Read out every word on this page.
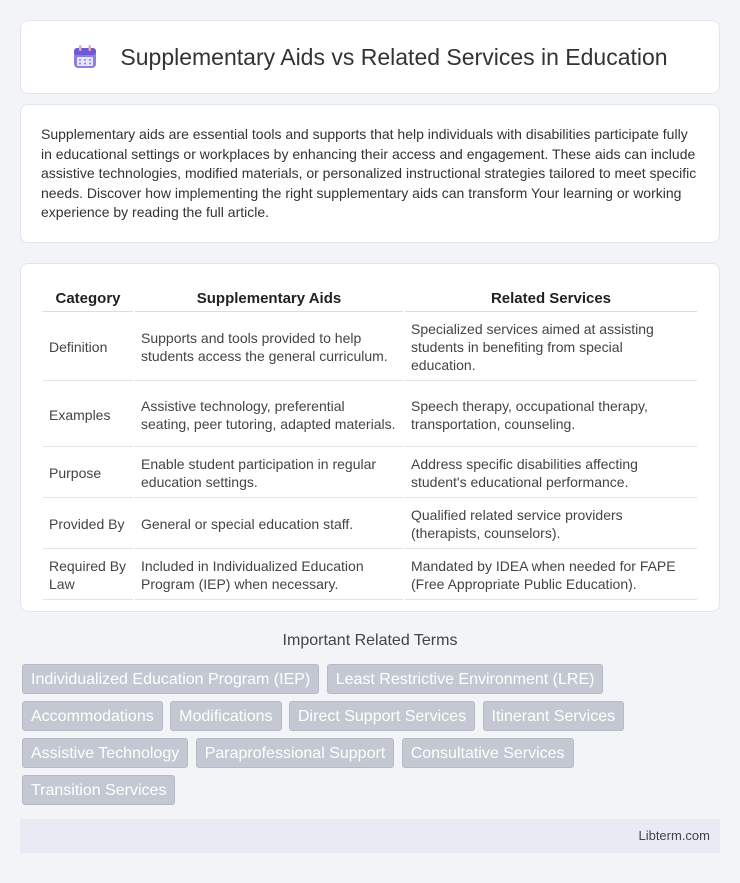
Supplementary Aids vs Related Services in Education

Supplementary aids are essential tools and supports that help individuals with disabilities participate fully in educational settings or workplaces by enhancing their access and engagement. These aids can include assistive technologies, modified materials, or personalized instructional strategies tailored to meet specific needs. Discover how implementing the right supplementary aids can transform Your learning or working experience by reading the full article.

Category	Supplementary Aids	Related Services
Definition	Supports and tools provided to help students access the general curriculum.	Specialized services aimed at assisting students in benefiting from special education.
Examples	Assistive technology, preferential seating, peer tutoring, adapted materials.	Speech therapy, occupational therapy, transportation, counseling.
Purpose	Enable student participation in regular education settings.	Address specific disabilities affecting student's educational performance.
Provided By	General or special education staff.	Qualified related service providers (therapists, counselors).
Required By Law	Included in Individualized Education Program (IEP) when necessary.	Mandated by IDEA when needed for FAPE (Free Appropriate Public Education).
Important Related Terms
Individualized Education Program (IEP) Least Restrictive Environment (LRE)
Accommodations Modifications Direct Support Services Itinerant Services
Assistive Technology Paraprofessional Support Consultative Services
Transition Services
Libterm.com
